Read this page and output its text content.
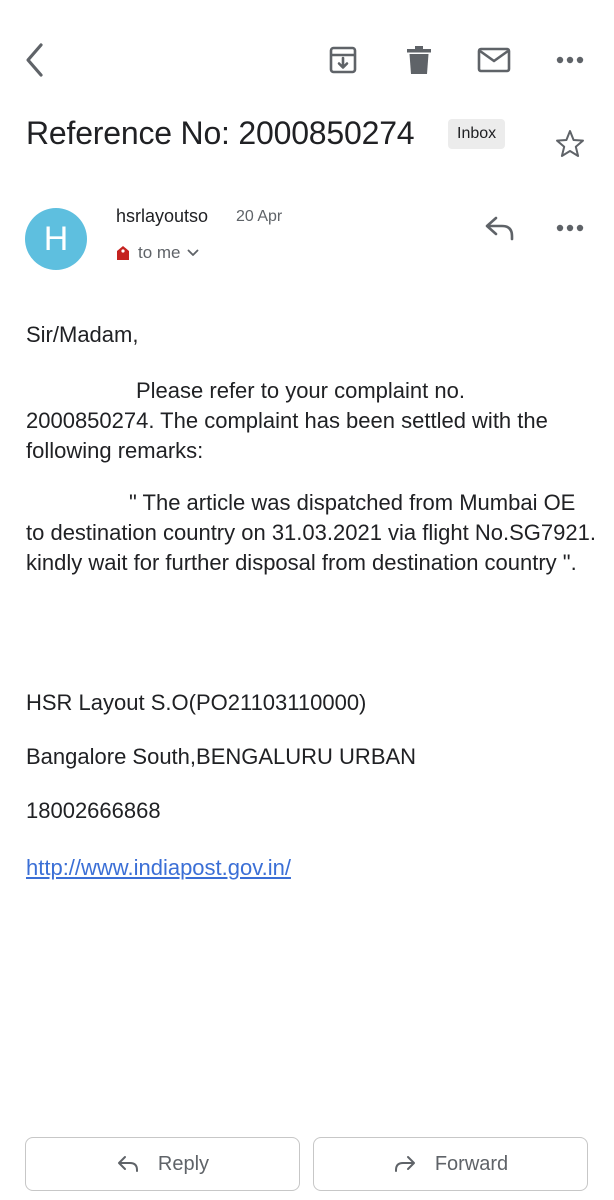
Reference No: 2000850274	Inbox
H
hsrlayoutso 20 Apr
to me

Sir/Madam,

Please refer to your complaint no. 2000850274. The complaint has been settled with the following remarks:

" The article was dispatched from Mumbai OE to destination country on 31.03.2021 via flight No.SG7921. kindly wait for further disposal from destination country ".

HSR Layout S.O(PO21103110000)
Bangalore South,BENGALURU URBAN
18002666868
http://www.indiapost.gov.in/
Reply	Forward
